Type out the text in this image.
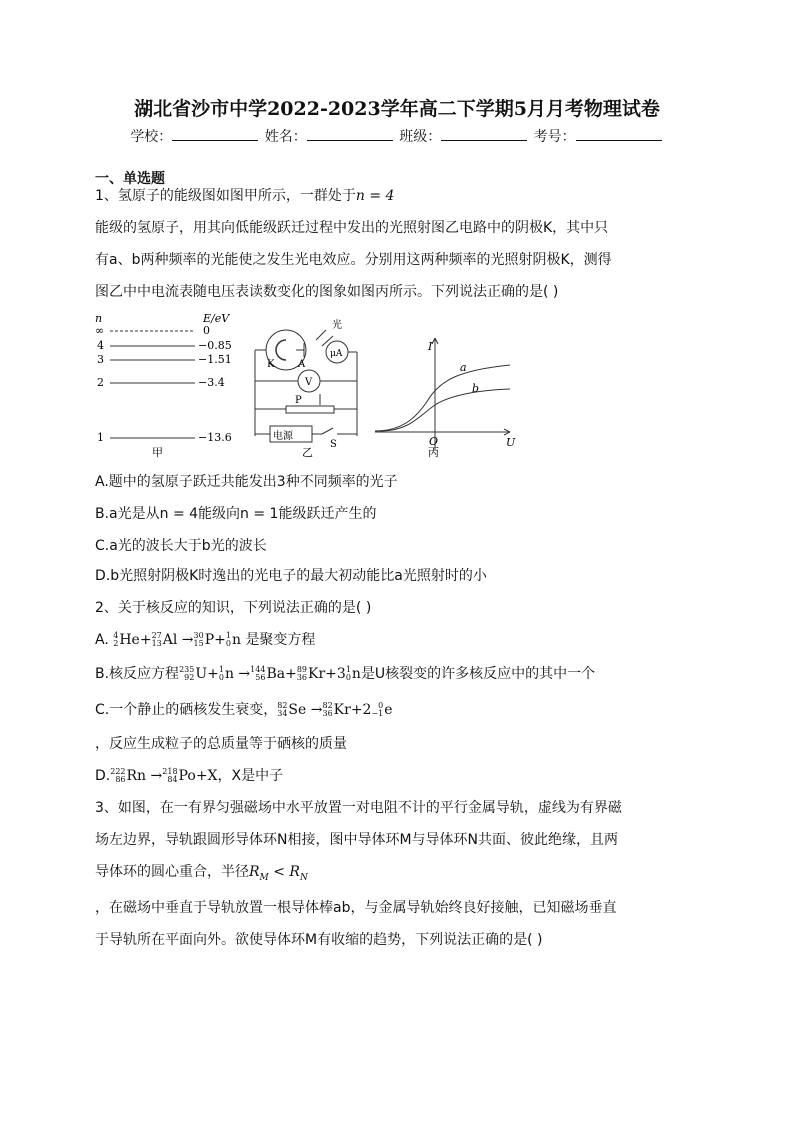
湖北省沙市中学2022-2023学年高二下学期5月月考物理试卷
学校：	姓名：	班级：	考号：
一、单选题
1、氢原子的能级图如图甲所示，一群处于n = 4
能级的氢原子，用其向低能级跃迁过程中发出的光照射图乙电路中的阴极K，其中只
有a、b两种频率的光能使之发生光电效应。分别用这两种频率的光照射阴极K，测得
图乙中中电流表随电压表读数变化的图象如图丙所示。下列说法正确的是( )
n	E/eV
∞	0
4	−0.85
3	−1.51
2	−3.4
1	−13.6
甲
光
K A
μA
V
P
电源
S
乙
I
U
O
a
b
丙
A.题中的氢原子跃迁共能发出3种不同频率的光子
B.a光是从n = 4能级向n = 1能级跃迁产生的
C.a光的波长大于b光的波长
D.b光照射阴极K时逸出的光电子的最大初动能比a光照射时的小
2、关于核反应的知识，下列说法正确的是( )
A. 4
2 He+ 27
13 Al → 30
15 P+ 1
0 n 是聚变方程
B.核反应方程 235
92 U+ 1
0 n → 144
56 Ba+ 89
36 Kr+3 1
0 n是U核裂变的许多核反应中的其中一个
C.一个静止的硒核发生衰变， 82
34 Se → 82
36 Kr+2 0
−1 e
，反应生成粒子的总质量等于硒核的质量
D. 222
86 Rn → 218
84 Po+X，X是中子
3、如图，在一有界匀强磁场中水平放置一对电阻不计的平行金属导轨，虚线为有界磁
场左边界，导轨跟圆形导体环N相接，图中导体环M与导体环N共面、彼此绝缘，且两
导体环的圆心重合，半径$R_M < R_N$
，在磁场中垂直于导轨放置一根导体棒ab，与金属导轨始终良好接触，已知磁场垂直
于导轨所在平面向外。欲使导体环M有收缩的趋势，下列说法正确的是( )
